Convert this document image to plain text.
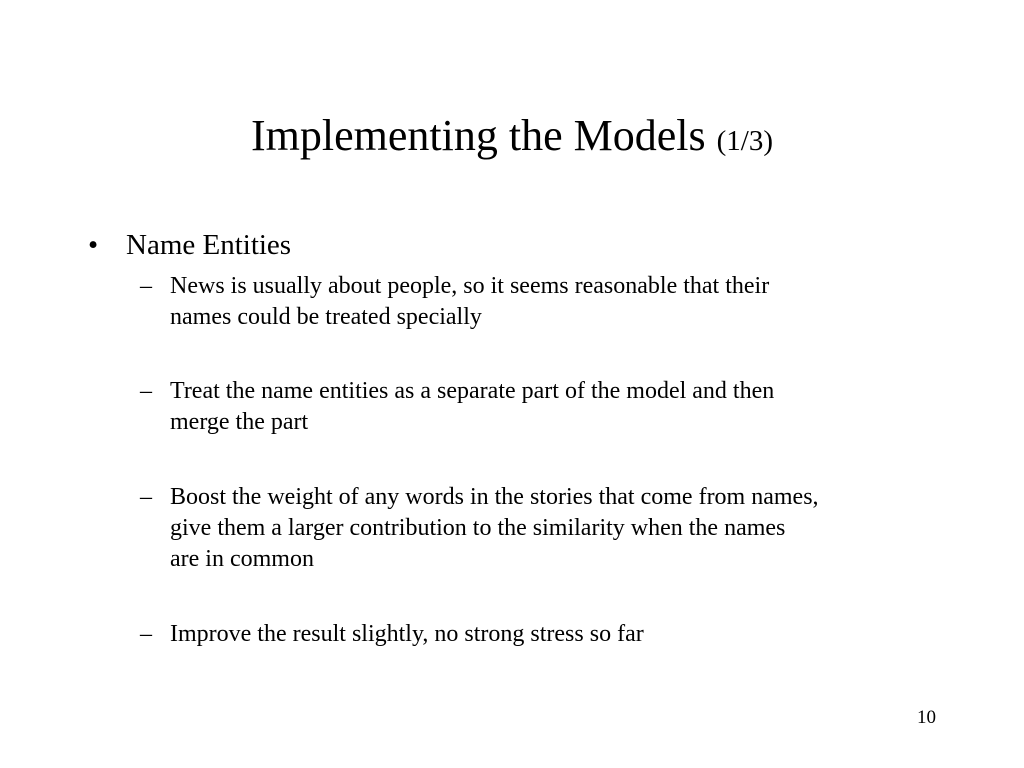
Implementing the Models (1/3)
• Name Entities
– News is usually about people, so it seems reasonable that their
names could be treated specially
– Treat the name entities as a separate part of the model and then
merge the part
– Boost the weight of any words in the stories that come from names,
give them a larger contribution to the similarity when the names
are in common
– Improve the result slightly, no strong stress so far
10
